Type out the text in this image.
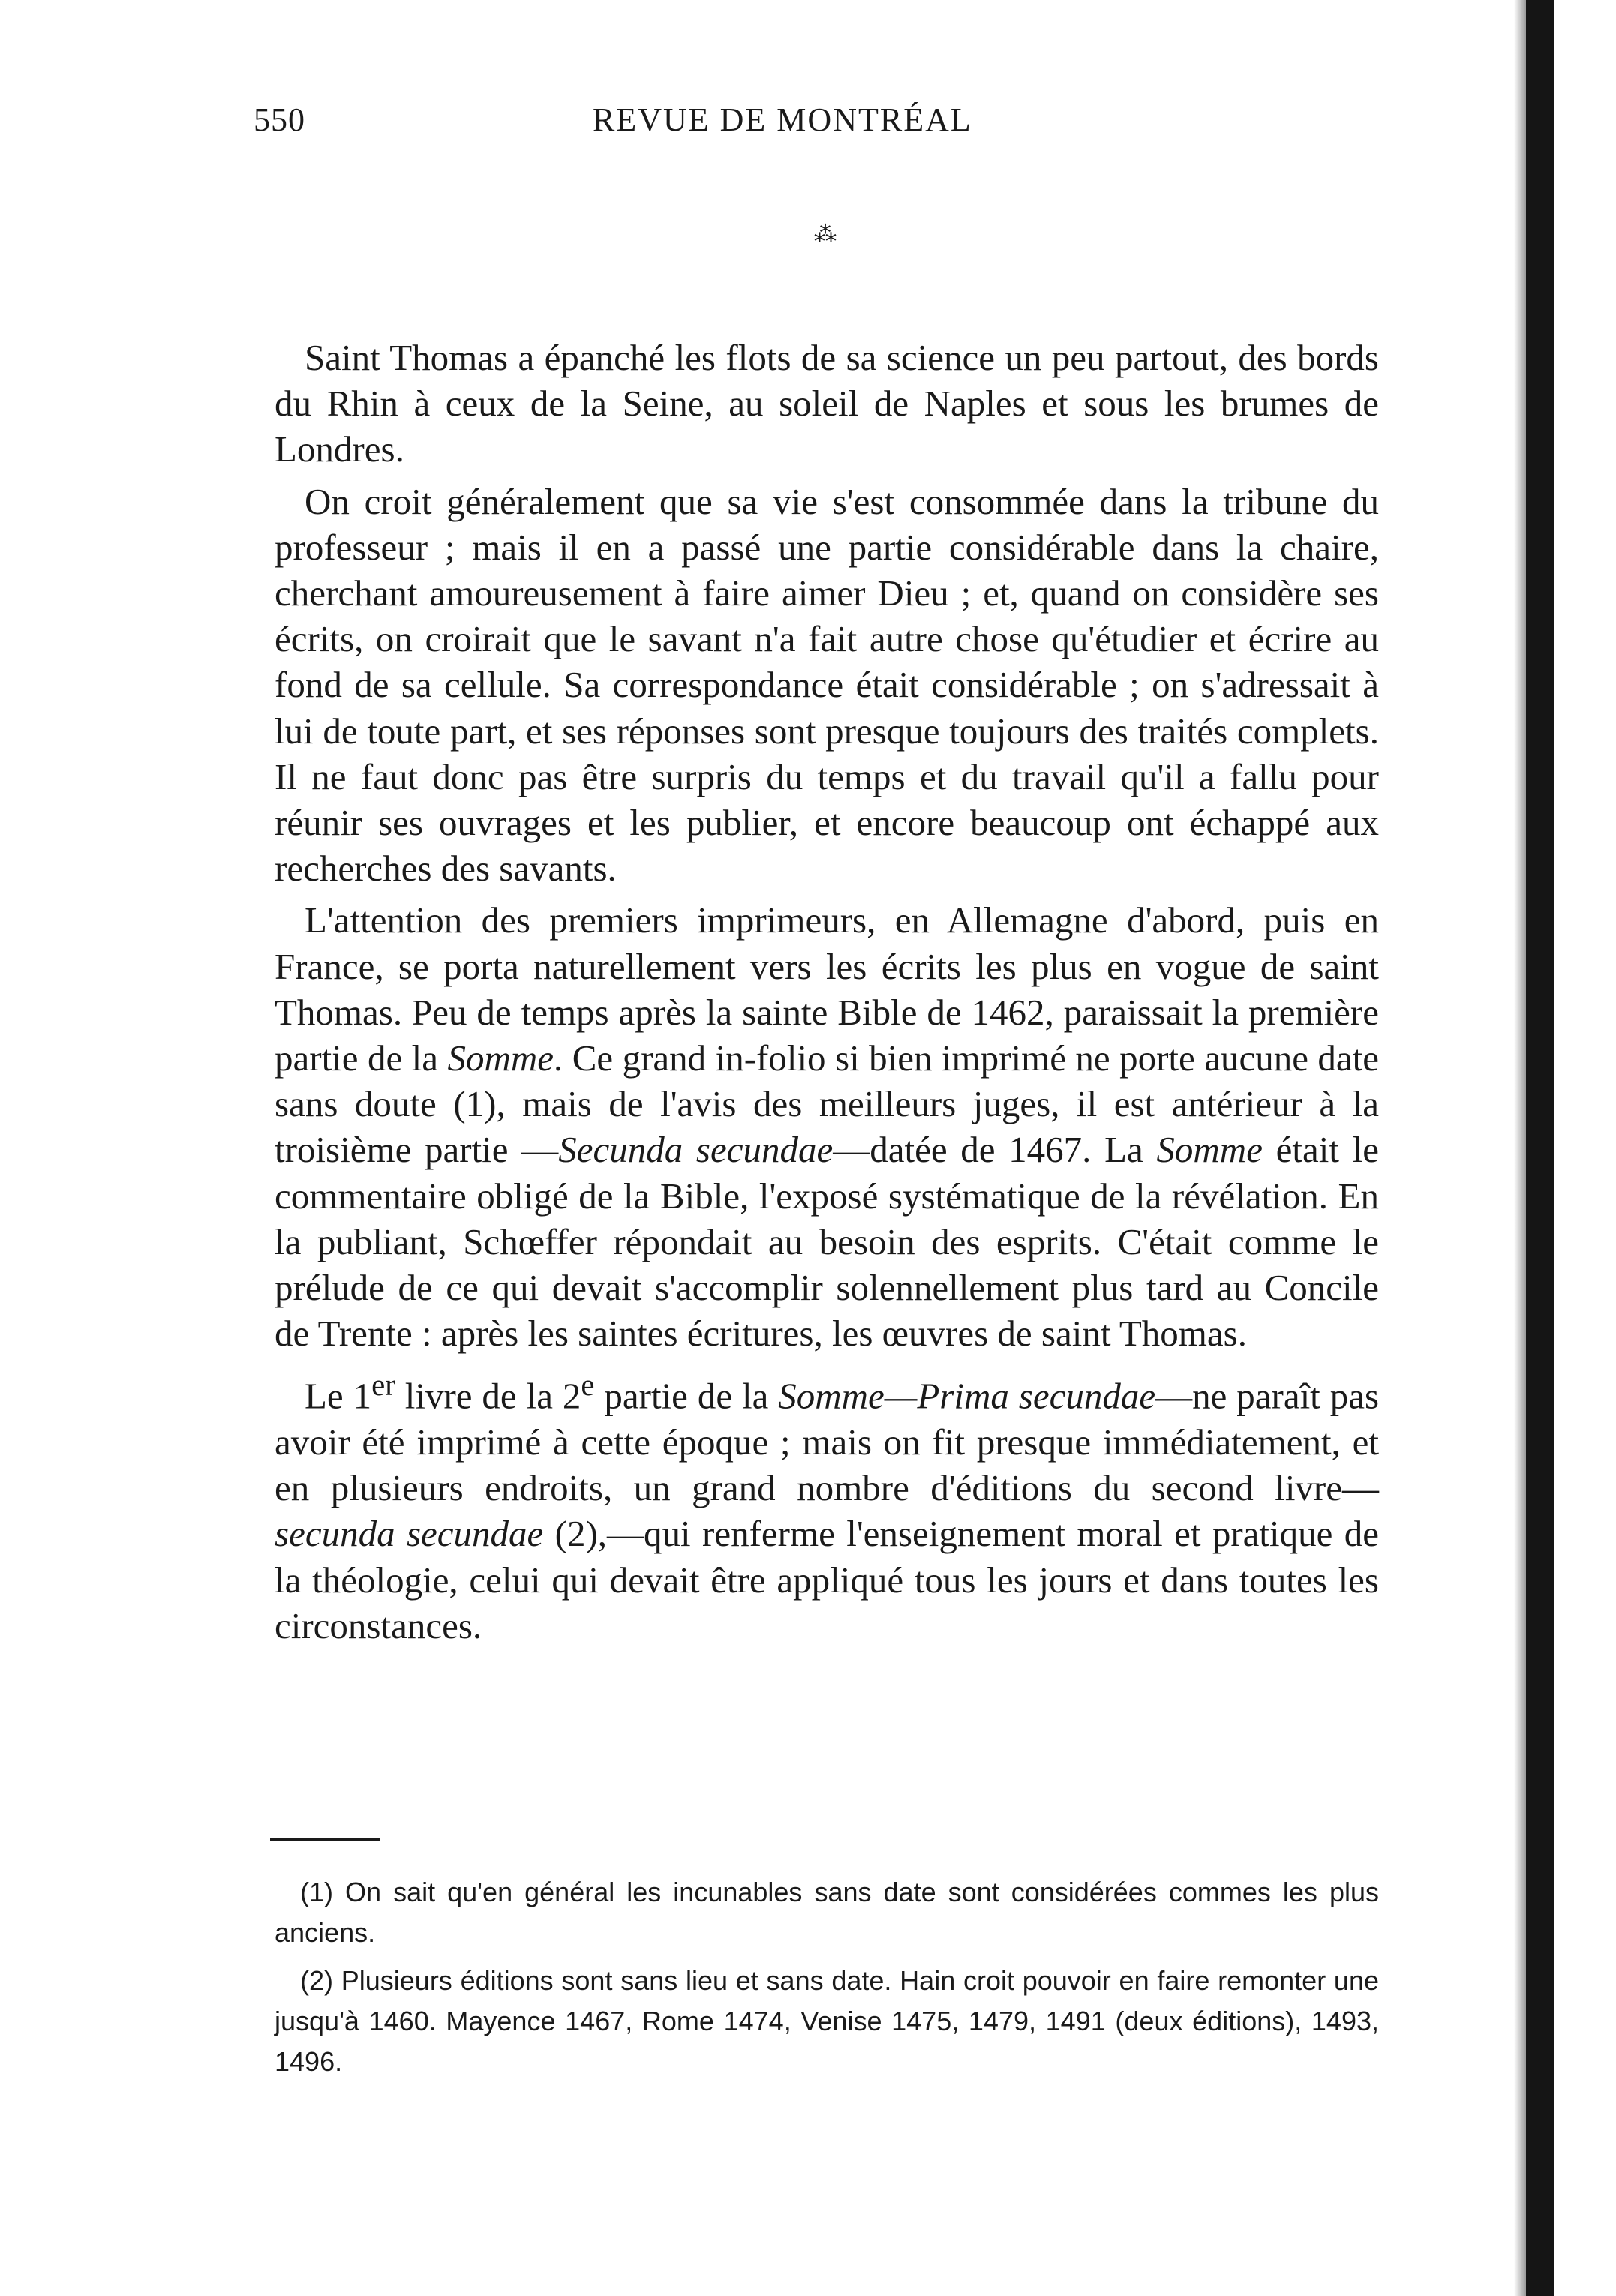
550	REVUE DE MONTRÉAL
⁂

Saint Thomas a épanché les flots de sa science un peu partout, des bords du Rhin à ceux de la Seine, au soleil de Naples et sous les brumes de Londres.

On croit généralement que sa vie s'est consommée dans la tribune du professeur ; mais il en a passé une partie considérable dans la chaire, cherchant amoureusement à faire aimer Dieu ; et, quand on considère ses écrits, on croirait que le savant n'a fait autre chose qu'étudier et écrire au fond de sa cellule. Sa correspondance était considérable ; on s'adressait à lui de toute part, et ses réponses sont presque toujours des traités complets. Il ne faut donc pas être surpris du temps et du travail qu'il a fallu pour réunir ses ouvrages et les publier, et encore beaucoup ont échappé aux recherches des savants.

L'attention des premiers imprimeurs, en Allemagne d'abord, puis en France, se porta naturellement vers les écrits les plus en vogue de saint Thomas. Peu de temps après la sainte Bible de 1462, paraissait la première partie de la Somme. Ce grand in-folio si bien imprimé ne porte aucune date sans doute (1), mais de l'avis des meilleurs juges, il est antérieur à la troisième partie —Secunda secundae—datée de 1467. La Somme était le commentaire obligé de la Bible, l'exposé systématique de la révélation. En la publiant, Schœffer répondait au besoin des esprits. C'était comme le prélude de ce qui devait s'accomplir solennellement plus tard au Concile de Trente : après les saintes écritures, les œuvres de saint Thomas.

Le 1er livre de la 2e partie de la Somme—Prima secundae—ne paraît pas avoir été imprimé à cette époque ; mais on fit presque immédiatement, et en plusieurs endroits, un grand nombre d'éditions du second livre—secunda secundae (2),—qui renferme l'enseignement moral et pratique de la théologie, celui qui devait être appliqué tous les jours et dans toutes les circonstances.

(1) On sait qu'en général les incunables sans date sont considérées commes les plus anciens.

(2) Plusieurs éditions sont sans lieu et sans date. Hain croit pouvoir en faire remonter une jusqu'à 1460. Mayence 1467, Rome 1474, Venise 1475, 1479, 1491 (deux éditions), 1493, 1496.
